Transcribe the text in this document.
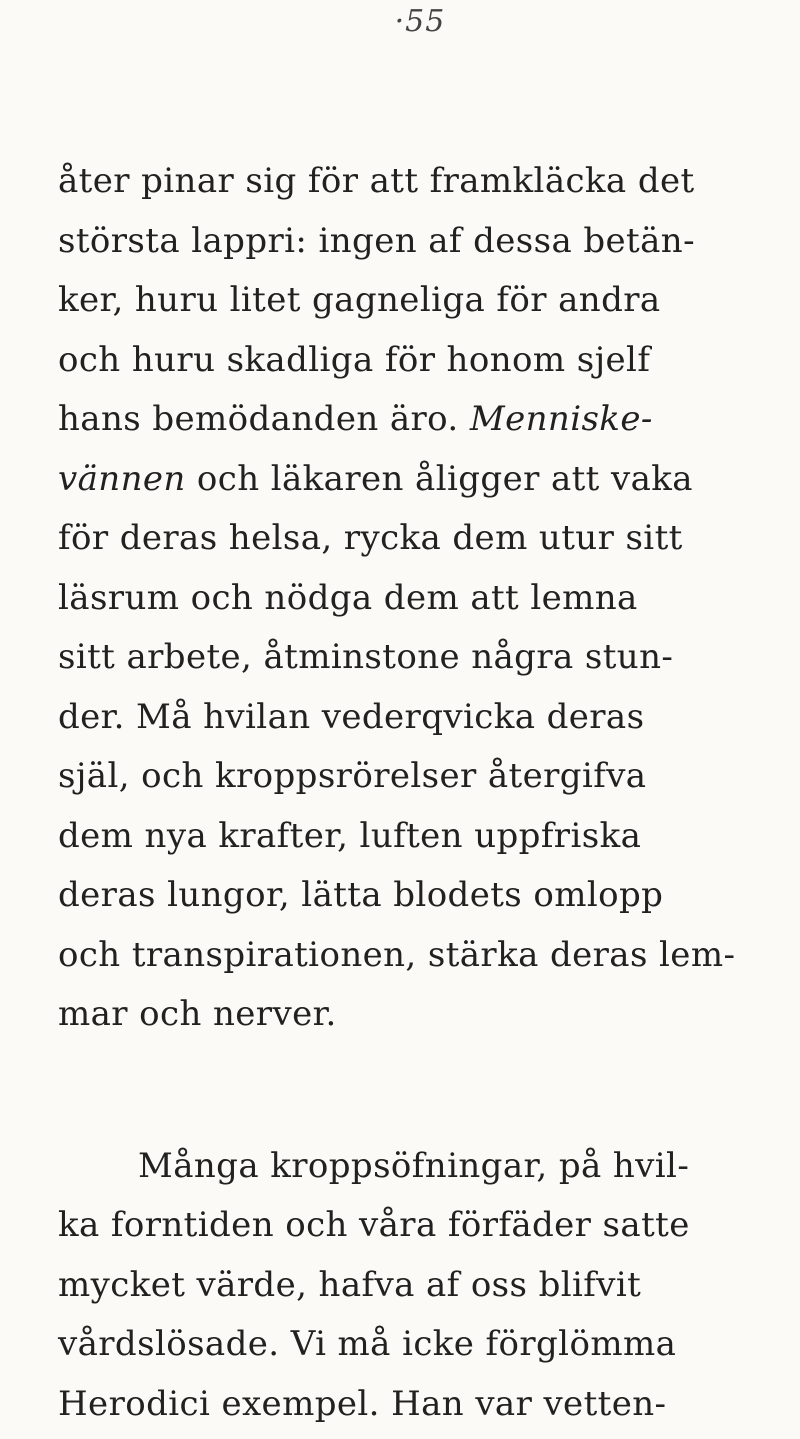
·55
åter pinar sig för att framkläcka det
största lappri: ingen af dessa betän-
ker, huru litet gagneliga för andra
och huru skadliga för honom sjelf
hans bemödanden äro. Menniske-
vännen och läkaren åligger att vaka
för deras helsa, rycka dem utur sitt
läsrum och nödga dem att lemna
sitt arbete, åtminstone några stun-
der. Må hvilan vederqvicka deras
själ, och kroppsrörelser återgifva
dem nya krafter, luften uppfriska
deras lungor, lätta blodets omlopp
och transpirationen, stärka deras lem-
mar och nerver.
Många kroppsöfningar, på hvil-
ka forntiden och våra förfäder satte
mycket värde, hafva af oss blifvit
vårdslösade. Vi må icke förglömma
Herodici exempel. Han var vetten-
